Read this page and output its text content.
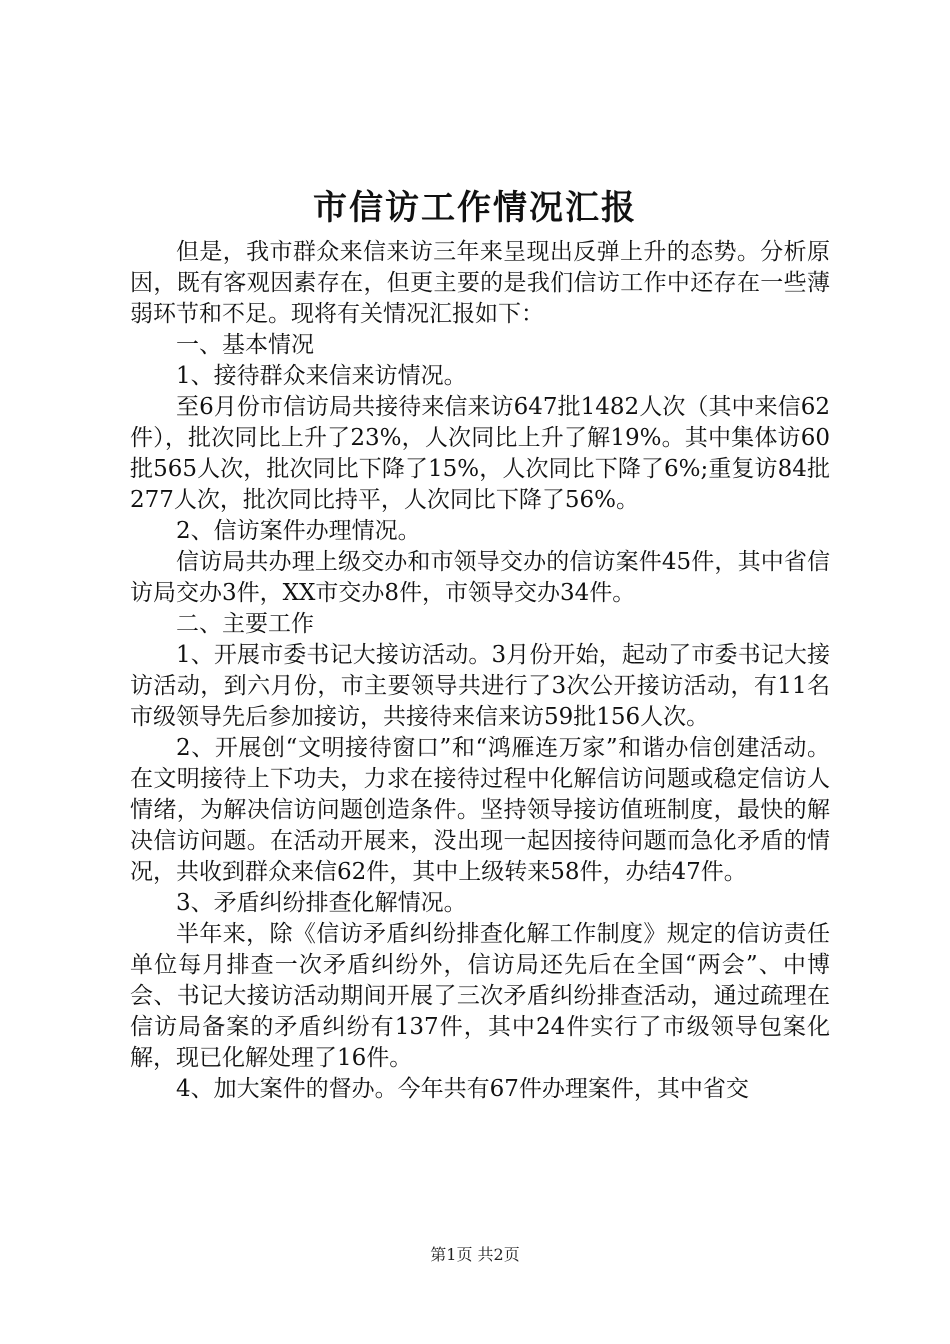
市信访工作情况汇报

但是，我市群众来信来访三年来呈现出反弹上升的态势。分析原因，既有客观因素存在，但更主要的是我们信访工作中还存在一些薄弱环节和不足。现将有关情况汇报如下：

一、基本情况

1、接待群众来信来访情况。

至6月份市信访局共接待来信来访647批1482人次（其中来信62件），批次同比上升了23%，人次同比上升了解19%。其中集体访60批565人次，批次同比下降了15%，人次同比下降了6%;重复访84批277人次，批次同比持平，人次同比下降了56%。

2、信访案件办理情况。

信访局共办理上级交办和市领导交办的信访案件45件，其中省信访局交办3件，XX市交办8件，市领导交办34件。

二、主要工作

1、开展市委书记大接访活动。3月份开始，起动了市委书记大接访活动，到六月份，市主要领导共进行了3次公开接访活动，有11名市级领导先后参加接访，共接待来信来访59批156人次。

2、开展创“文明接待窗口”和“鸿雁连万家”和谐办信创建活动。在文明接待上下功夫，力求在接待过程中化解信访问题或稳定信访人情绪，为解决信访问题创造条件。坚持领导接访值班制度，最快的解决信访问题。在活动开展来，没出现一起因接待问题而急化矛盾的情况，共收到群众来信62件，其中上级转来58件，办结47件。

3、矛盾纠纷排查化解情况。

半年来，除《信访矛盾纠纷排查化解工作制度》规定的信访责任单位每月排查一次矛盾纠纷外，信访局还先后在全国“两会”、中博会、书记大接访活动期间开展了三次矛盾纠纷排查活动，通过疏理在信访局备案的矛盾纠纷有137件，其中24件实行了市级领导包案化解，现已化解处理了16件。

4、加大案件的督办。今年共有67件办理案件，其中省交

第1页 共2页
